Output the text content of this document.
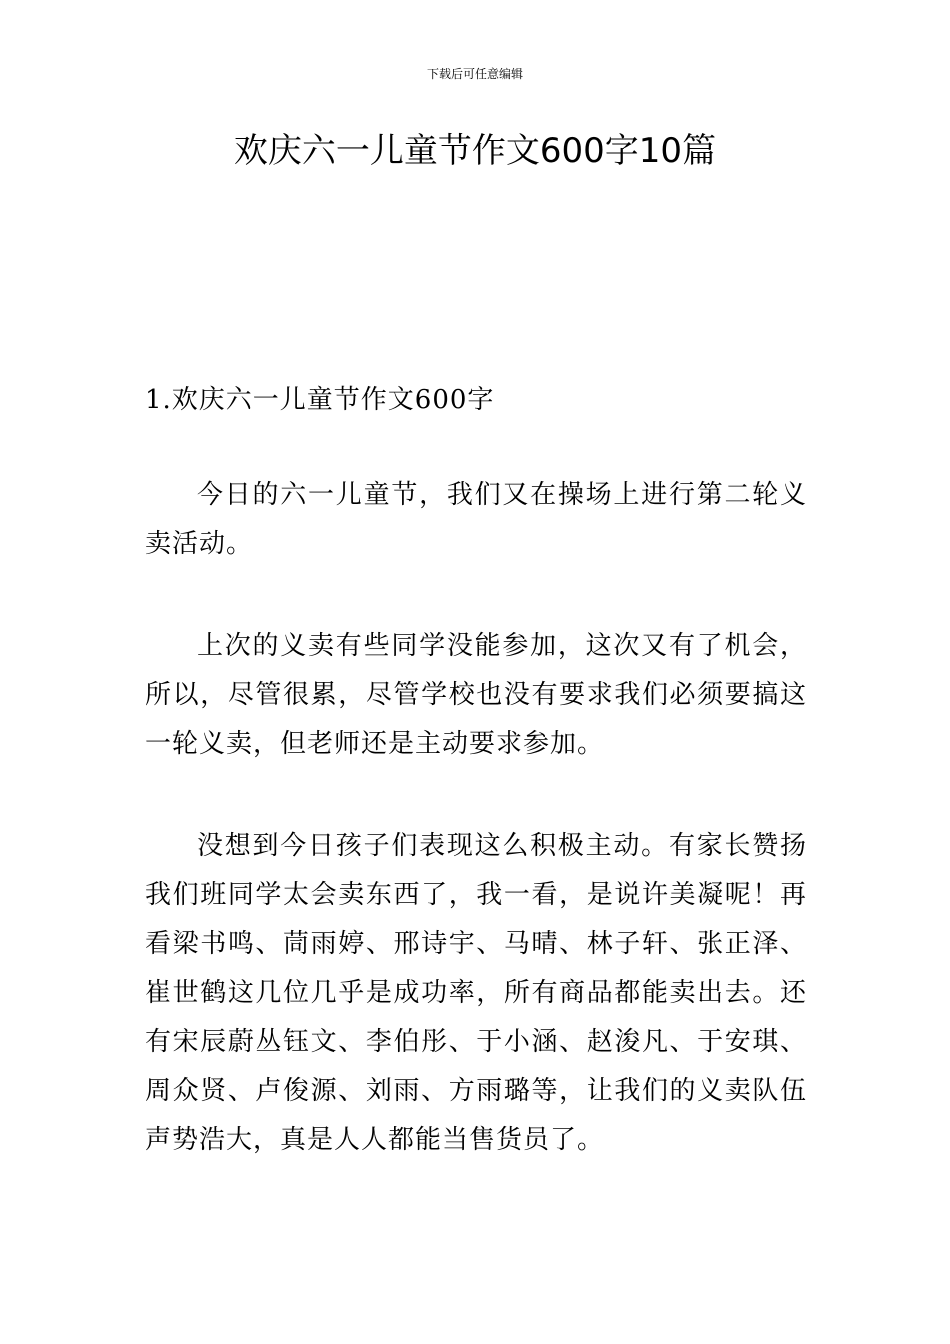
下载后可任意编辑
欢庆六一儿童节作文600字10篇

1.欢庆六一儿童节作文600字

今日的六一儿童节，我们又在操场上进行第二轮义卖活动。

上次的义卖有些同学没能参加，这次又有了机会，所以，尽管很累，尽管学校也没有要求我们必须要搞这一轮义卖，但老师还是主动要求参加。

没想到今日孩子们表现这么积极主动。有家长赞扬我们班同学太会卖东西了，我一看，是说许美凝呢！再看梁书鸣、茼雨婷、邢诗宇、马晴、林子轩、张正泽、崔世鹤这几位几乎是成功率，所有商品都能卖出去。还有宋辰蔚丛钰文、李伯彤、于小涵、赵浚凡、于安琪、周众贤、卢俊源、刘雨、方雨璐等，让我们的义卖队伍声势浩大，真是人人都能当售货员了。
